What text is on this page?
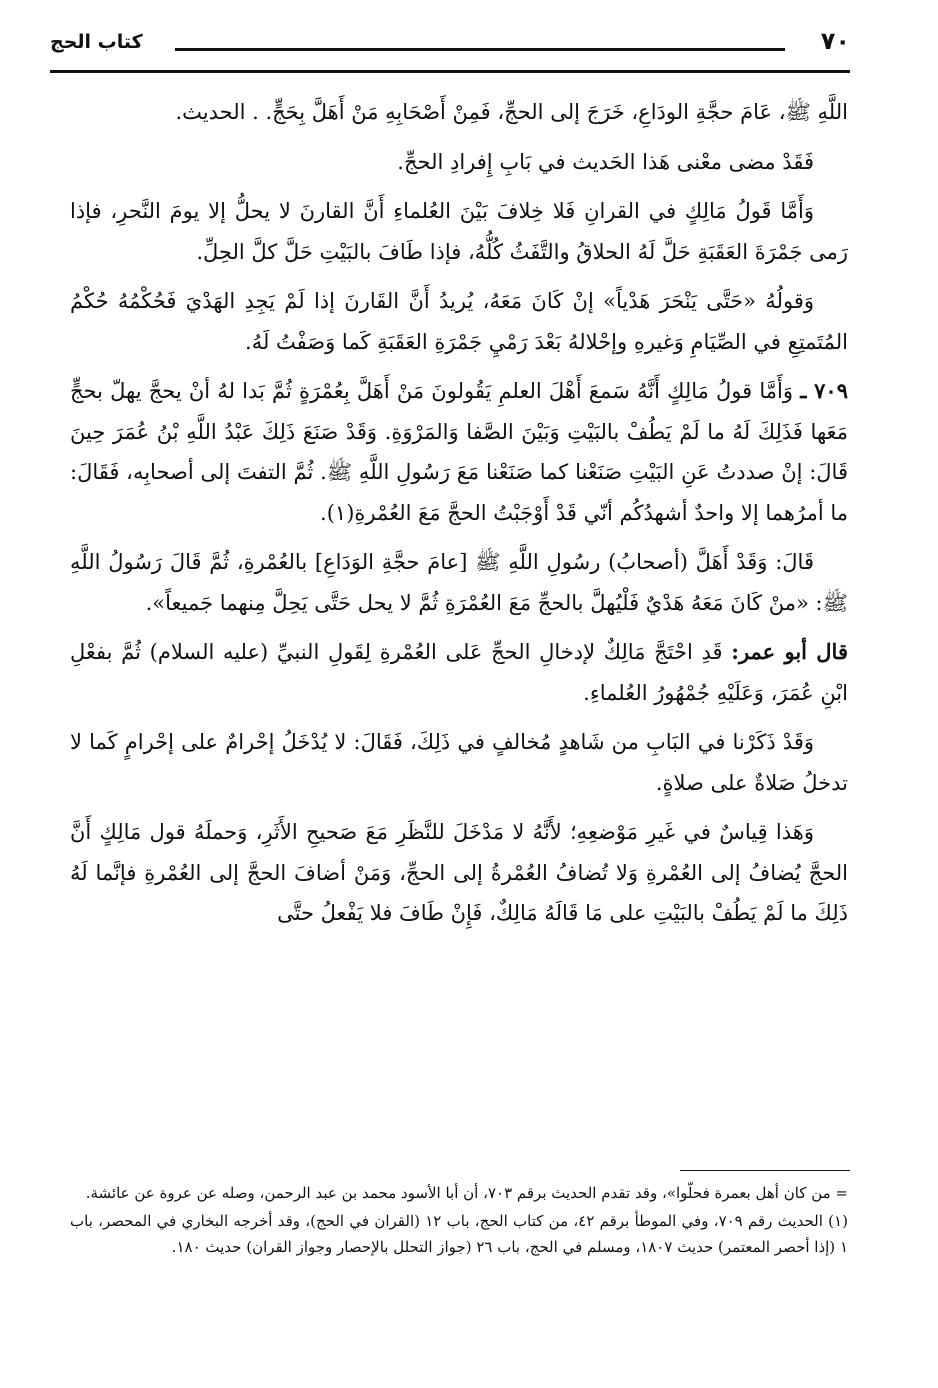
٧٠
كتاب الحج

اللَّهِ ﷺ، عَامَ حجَّةِ الودَاعِ، خَرَجَ إلى الحجِّ، فَمِنْ أَصْحَابِهِ مَنْ أَهَلَّ بِحَجٍّ. . الحديث.

فَقَدْ مضى معْنى هَذا الحَديث في بَابِ إِفرادِ الحجِّ.

وَأَمَّا قَولُ مَالِكٍ في القرانِ فَلا خِلافَ بَيْنَ العُلماءِ أَنَّ القارنَ لا يحلُّ إلا يومَ النَّحرِ، فإذا رَمى جَمْرَةَ العَقَبَةِ حَلَّ لَهُ الحلاقُ والتَّفَثُ كُلُّهُ، فإذا طَافَ بالبَيْتِ حَلَّ كلَّ الحِلِّ.

وَقولُهُ «حَتَّى يَنْحَرَ هَدْياً» إنْ كَانَ مَعَهُ، يُريدُ أَنَّ القَارنَ إذا لَمْ يَجِدِ الهَدْيَ فَحُكْمُهُ حُكْمُ المُتَمتِعِ في الصِّيَامِ وَغيرهِ وإحْلالهُ بَعْدَ رَمْيِ جَمْرَةِ العَقَبَةِ كَما وَصَفْتُ لَهُ.

٧٠٩ ـ وَأَمَّا قولُ مَالِكٍ أَنَّهُ سَمعَ أَهْلَ العلمِ يَقُولونَ مَنْ أَهَلَّ بِعُمْرَةٍ ثُمَّ بَدا لهُ أنْ يحجَّ يهلّ بحجٍّ مَعَها فَذَلِكَ لَهُ ما لَمْ يَطُفْ بالبَيْتِ وَبَيْنَ الصَّفا وَالمَرْوَةِ. وَقَدْ صَنَعَ ذَلِكَ عَبْدُ اللَّهِ بْنُ عُمَرَ حِينَ قَالَ: إنْ صددتُ عَنِ البَيْتِ صَنَعْنا كما صَنَعْنا مَعَ رَسُولِ اللَّهِ ﷺ. ثُمَّ التفتَ إلى أصحابِه، فَقَالَ: ما أمرُهما إلا واحدٌ أشهدُكُم أنّي قَدْ أَوْجَبْتُ الحجَّ مَعَ العُمْرةِ(١).

قَالَ: وَقَدْ أَهَلَّ (أصحابُ) رسُولِ اللَّهِ ﷺ [عامَ حجَّةِ الوَدَاعِ] بالعُمْرةِ، ثُمَّ قَالَ رَسُولُ اللَّهِ ﷺ: «منْ كَانَ مَعَهُ هَدْيٌ فَلْيُهلَّ بالحجِّ مَعَ العُمْرَةِ ثُمَّ لا يحل حَتَّى يَحِلَّ مِنهما جَميعاً».

قال أبو عمر: قَدِ احْتَجَّ مَالِكٌ لإدخالِ الحجِّ عَلى العُمْرةِ لِقَولِ النبيِّ (عليه السلام) ثُمَّ بفعْلِ ابْنِ عُمَرَ، وَعَلَيْهِ جُمْهُورُ العُلماءِ.

وَقَدْ ذَكَرْنا في البَابِ من شَاهدٍ مُخالفٍ في ذَلِكَ، فَقَالَ: لا يُدْخَلُ إحْرامٌ على إحْرامٍ كَما لا تدخلُ صَلاةٌ على صلاةٍ.

وَهَذا قِياسٌ في غَيرِ مَوْضعِهِ؛ لأَنَّهُ لا مَدْخَلَ للنَّظَرِ مَعَ صَحيحِ الأَثَرِ، وَحملَهُ قول مَالِكٍ أَنَّ الحجَّ يُضافُ إلى العُمْرةِ وَلا تُضافُ العُمْرةُ إلى الحجِّ، وَمَنْ أضافَ الحجَّ إلى العُمْرةِ فإنَّما لَهُ ذَلِكَ ما لَمْ يَطُفْ بالبَيْتِ على مَا قَالَهُ مَالِكٌ، فَإِنْ طَافَ فلا يَفْعلُ حتَّى

= من كان أهل بعمرة فحلّوا»، وقد تقدم الحديث برقم ٧٠٣، أن أبا الأسود محمد بن عبد الرحمن، وصله عن عروة عن عائشة.

(١) الحديث رقم ٧٠٩، وفي الموطأ برقم ٤٢، من كتاب الحج، باب ١٢ (القران في الحج)، وقد أخرجه البخاري في المحصر، باب ١ (إذا أحصر المعتمر) حديث ١٨٠٧، ومسلم في الحج، باب ٢٦ (جواز التحلل بالإحصار وجواز القران) حديث ١٨٠.
